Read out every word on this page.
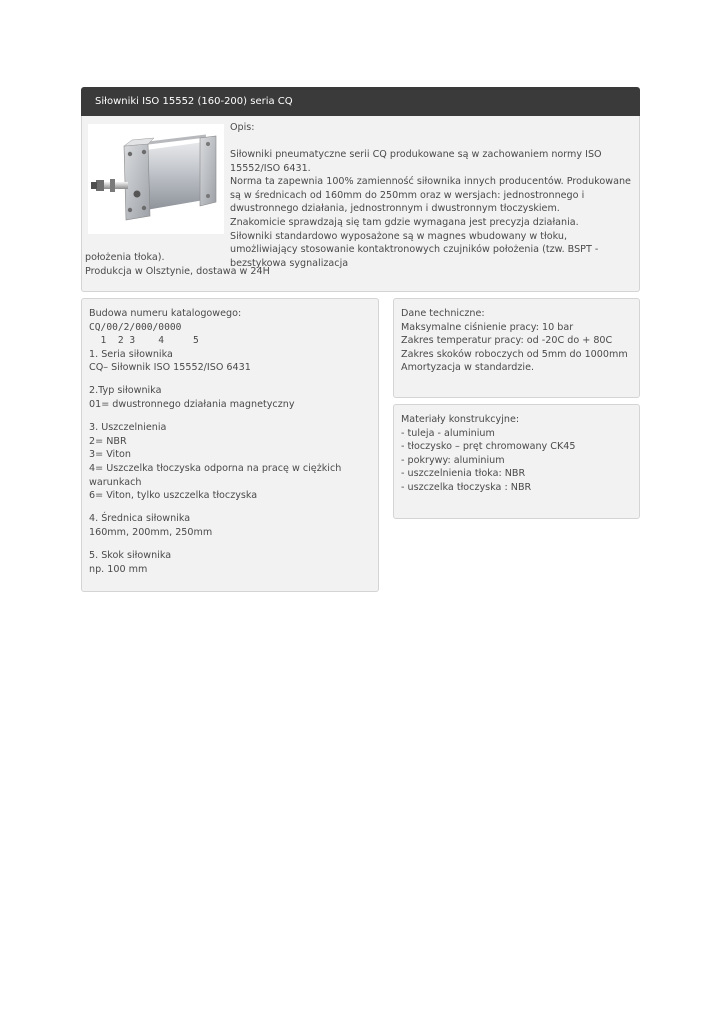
Siłowniki ISO 15552 (160-200) seria CQ

Opis:

Siłowniki pneumatyczne serii CQ produkowane są w zachowaniem normy ISO 15552/ISO 6431.

Norma ta zapewnia 100% zamienność siłownika innych producentów. Produkowane są w średnicach od 160mm do 250mm oraz w wersjach: jednostronnego i dwustronnego działania, jednostronnym i dwustronnym tłoczyskiem.

Znakomicie sprawdzają się tam gdzie wymagana jest precyzja działania.

Siłowniki standardowo wyposażone są w magnes wbudowany w tłoku, umożliwiający stosowanie kontaktronowych czujników położenia (tzw. BSPT - bezstykowa sygnalizacja

położenia tłoka).

Produkcja w Olsztynie, dostawa w 24H

Budowa numeru katalogowego:

CQ/00/2/000/0000

1  2 3    4     5

1. Seria siłownika

CQ– Siłownik ISO 15552/ISO 6431

2.Typ siłownika

01= dwustronnego działania magnetyczny

3. Uszczelnienia

2= NBR

3= Viton

4= Uszczelka tłoczyska odporna na pracę w ciężkich warunkach

6= Viton, tylko uszczelka tłoczyska

4. Średnica siłownika

160mm, 200mm, 250mm

5. Skok siłownika

np. 100 mm

Dane techniczne:

Maksymalne ciśnienie pracy: 10 bar

Zakres temperatur pracy: od -20C do + 80C

Zakres skoków roboczych od 5mm do 1000mm

Amortyzacja w standardzie.

Materiały konstrukcyjne:

- tuleja - aluminium

- tłoczysko – pręt chromowany CK45

- pokrywy: aluminium

- uszczelnienia tłoka: NBR

- uszczelka tłoczyska : NBR
